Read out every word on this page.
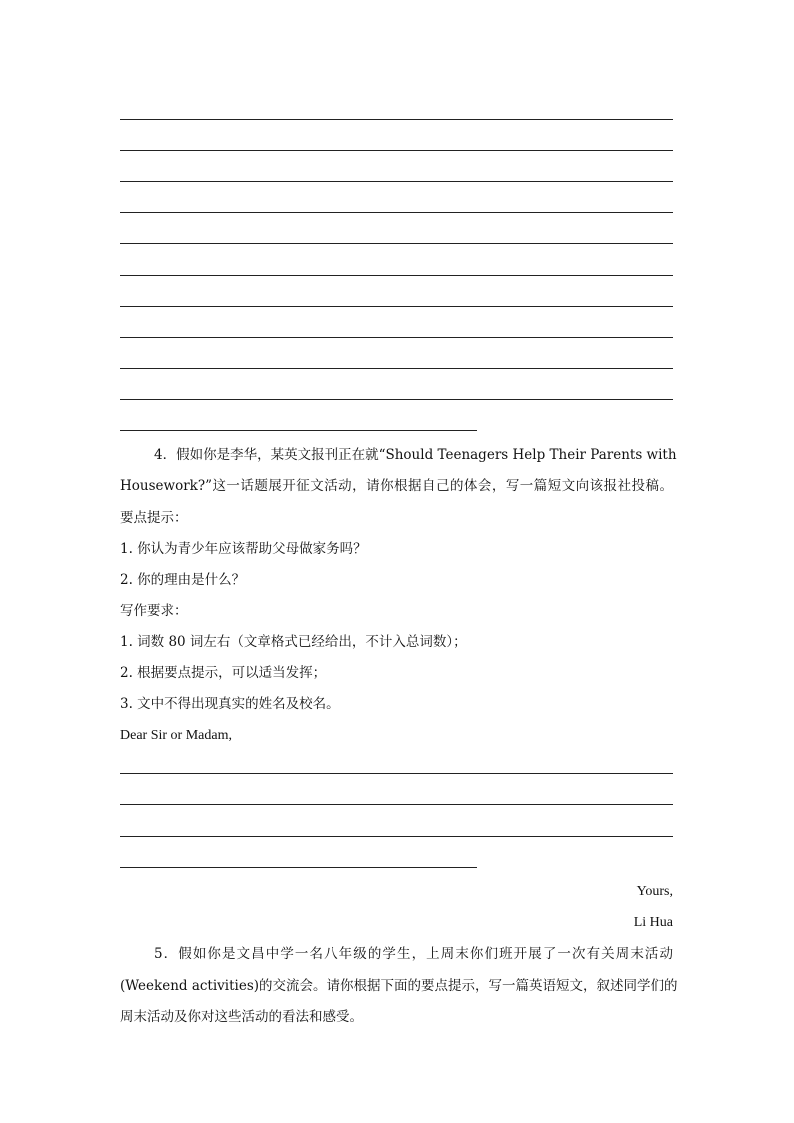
4．假如你是李华，某英文报刊正在就“Should Teenagers Help Their Parents with
Housework?”这一话题展开征文活动，请你根据自己的体会，写一篇短文向该报社投稿。
要点提示：
1. 你认为青少年应该帮助父母做家务吗？
2. 你的理由是什么？
写作要求：
1. 词数 80 词左右（文章格式已经给出，不计入总词数）；
2. 根据要点提示，可以适当发挥；
3. 文中不得出现真实的姓名及校名。
Dear Sir or Madam,
Yours,
Li Hua
5．假如你是文昌中学一名八年级的学生，上周末你们班开展了一次有关周末活动
(Weekend activities)的交流会。请你根据下面的要点提示，写一篇英语短文，叙述同学们的
周末活动及你对这些活动的看法和感受。
